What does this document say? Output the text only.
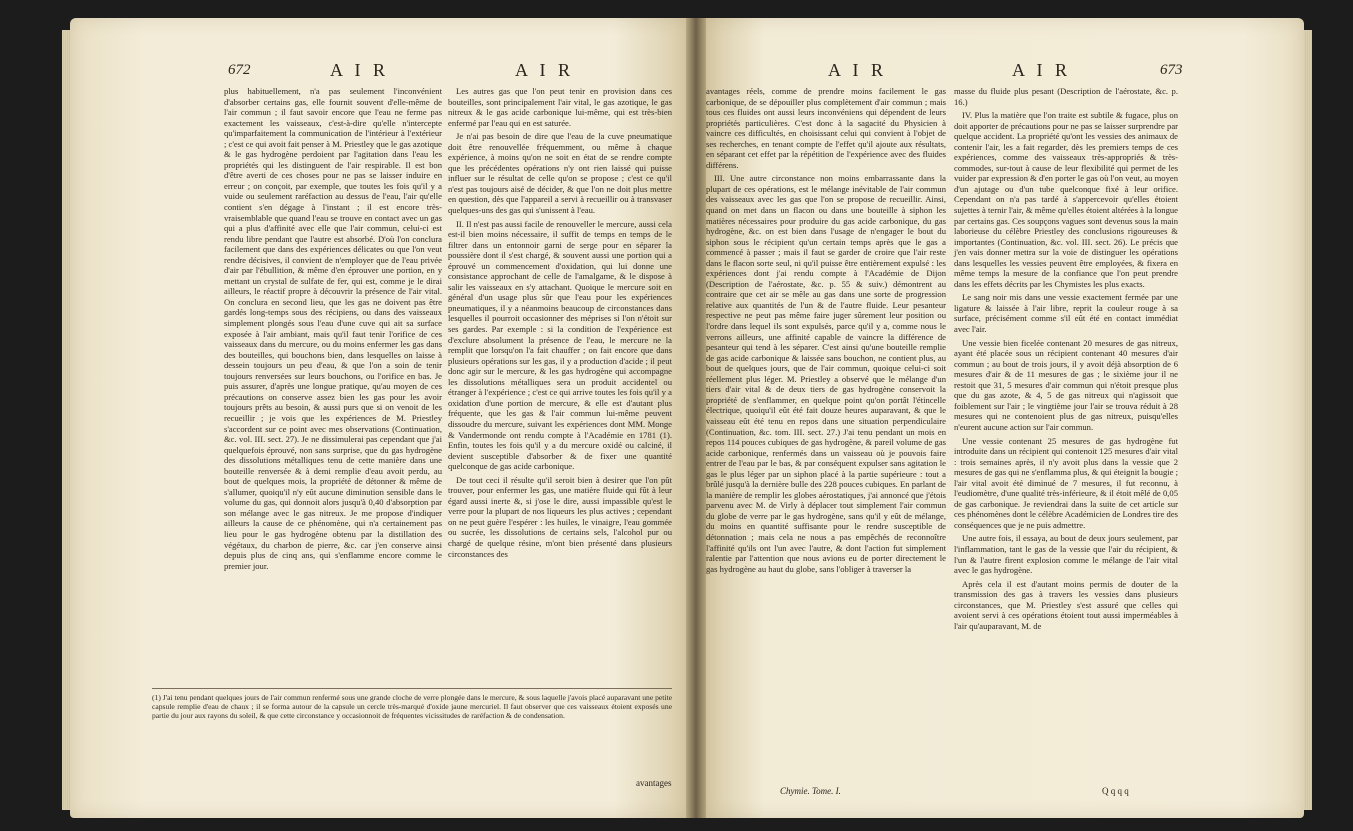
672	A I R	A I R

plus habituellement, n'a pas seulement l'inconvénient d'absorber certains gas, elle fournit souvent d'elle-même de l'air commun ; il faut savoir encore que l'eau ne ferme pas exactement les vaisseaux, c'est-à-dire qu'elle n'intercepte qu'imparfaitement la communication de l'intérieur à l'extérieur ; c'est ce qui avoit fait penser à M. Priestley que le gas azotique & le gas hydrogène perdoient par l'agitation dans l'eau les propriétés qui les distinguent de l'air respirable. Il est bon d'être averti de ces choses pour ne pas se laisser induire en erreur ; on conçoit, par exemple, que toutes les fois qu'il y a vuide ou seulement raréfaction au dessus de l'eau, l'air qu'elle contient s'en dégage à l'instant ; il est encore très-vraisemblable que quand l'eau se trouve en contact avec un gas qui a plus d'affinité avec elle que l'air commun, celui-ci est rendu libre pendant que l'autre est absorbé. D'où l'on conclura facilement que dans des expériences délicates ou que l'on veut rendre décisives, il convient de n'employer que de l'eau privée d'air par l'ébullition, & même d'en éprouver une portion, en y mettant un crystal de sulfate de fer, qui est, comme je le dirai ailleurs, le réactif propre à découvrir la présence de l'air vital. On conclura en second lieu, que les gas ne doivent pas être gardés long-temps sous des récipiens, ou dans des vaisseaux simplement plongés sous l'eau d'une cuve qui ait sa surface exposée à l'air ambiant, mais qu'il faut tenir l'orifice de ces vaisseaux dans du mercure, ou du moins enfermer les gas dans des bouteilles, qui bouchons bien, dans lesquelles on laisse à dessein toujours un peu d'eau, & que l'on a soin de tenir toujours renversées sur leurs bouchons, ou l'orifice en bas. Je puis assurer, d'après une longue pratique, qu'au moyen de ces précautions on conserve assez bien les gas pour les avoir toujours prêts au besoin, & aussi purs que si on venoit de les recueillir ; je vois que les expériences de M. Priestley s'accordent sur ce point avec mes observations (Continuation, &c. vol. III. sect. 27). Je ne dissimulerai pas cependant que j'ai quelquefois éprouvé, non sans surprise, que du gas hydrogène des dissolutions métalliques tenu de cette manière dans une bouteille renversée & à demi remplie d'eau avoit perdu, au bout de quelques mois, la propriété de détonner & même de s'allumer, quoiqu'il n'y eût aucune diminution sensible dans le volume du gas, qui donnoit alors jusqu'à 0,40 d'absorption par son mélange avec le gas nitreux. Je me propose d'indiquer ailleurs la cause de ce phénomène, qui n'a certainement pas lieu pour le gas hydrogène obtenu par la distillation des végétaux, du charbon de pierre, &c. car j'en conserve ainsi depuis plus de cinq ans, qui s'enflamme encore comme le premier jour.

Les autres gas que l'on peut tenir en provision dans ces bouteilles, sont principalement l'air vital, le gas azotique, le gas nitreux & le gas acide carbonique lui-même, qui est très-bien enfermé par l'eau qui en est saturée.

Je n'ai pas besoin de dire que l'eau de la cuve pneumatique doit être renouvellée fréquemment, ou même à chaque expérience, à moins qu'on ne soit en état de se rendre compte que les précédentes opérations n'y ont rien laissé qui puisse influer sur le résultat de celle qu'on se propose ; c'est ce qu'il n'est pas toujours aisé de décider, & que l'on ne doit plus mettre en question, dès que l'appareil a servi à recueillir ou à transvaser quelques-uns des gas qui s'unissent à l'eau.

II. Il n'est pas aussi facile de renouveller le mercure, aussi cela est-il bien moins nécessaire, il suffit de temps en temps de le filtrer dans un entonnoir garni de serge pour en séparer la poussière dont il s'est chargé, & souvent aussi une portion qui a éprouvé un commencement d'oxidation, qui lui donne une consistance approchant de celle de l'amalgame, & le dispose à salir les vaisseaux en s'y attachant. Quoique le mercure soit en général d'un usage plus sûr que l'eau pour les expériences pneumatiques, il y a néanmoins beaucoup de circonstances dans lesquelles il pourroit occasionner des méprises si l'on n'étoit sur ses gardes. Par exemple : si la condition de l'expérience est d'exclure absolument la présence de l'eau, le mercure ne la remplit que lorsqu'on l'a fait chauffer ; on fait encore que dans plusieurs opérations sur les gas, il y a production d'acide ; il peut donc agir sur le mercure, & les gas hydrogène qui accompagne les dissolutions métalliques sera un produit accidentel ou étranger à l'expérience ; c'est ce qui arrive toutes les fois qu'il y a oxidation d'une portion de mercure, & elle est d'autant plus fréquente, que les gas & l'air commun lui-même peuvent dissoudre du mercure, suivant les expériences dont MM. Monge & Vandermonde ont rendu compte à l'Académie en 1781 (1). Enfin, toutes les fois qu'il y a du mercure oxidé ou calciné, il devient susceptible d'absorber & de fixer une quantité quelconque de gas acide carbonique.

De tout ceci il résulte qu'il seroit bien à desirer que l'on pût trouver, pour enfermer les gas, une matière fluide qui fût à leur égard aussi inerte &, si j'ose le dire, aussi impassible qu'est le verre pour la plupart de nos liqueurs les plus actives ; cependant on ne peut guère l'espérer : les huiles, le vinaigre, l'eau gommée ou sucrée, les dissolutions de certains sels, l'alcohol pur ou chargé de quelque résine, m'ont bien présenté dans plusieurs circonstances des

(1) J'ai tenu pendant quelques jours de l'air commun renfermé sous une grande cloche de verre plongée dans le mercure, & sous laquelle j'avois placé auparavant une petite capsule remplie d'eau de chaux ; il se forma autour de la capsule un cercle très-marqué d'oxide jaune mercuriel. Il faut observer que ces vaisseaux étoient exposés une partie du jour aux rayons du soleil, & que cette circonstance y occasionnoit de fréquentes vicissitudes de raréfaction & de condensation.
avantages
A I R	A I R	673

avantages réels, comme de prendre moins facilement le gas carbonique, de se dépouiller plus complètement d'air commun ; mais tous ces fluides ont aussi leurs inconvéniens qui dépendent de leurs propriétés particulières. C'est donc à la sagacité du Physicien à vaincre ces difficultés, en choisissant celui qui convient à l'objet de ses recherches, en tenant compte de l'effet qu'il ajoute aux résultats, en séparant cet effet par la répétition de l'expérience avec des fluides différens.

III. Une autre circonstance non moins embarrassante dans la plupart de ces opérations, est le mélange inévitable de l'air commun des vaisseaux avec les gas que l'on se propose de recueillir. Ainsi, quand on met dans un flacon ou dans une bouteille à siphon les matières nécessaires pour produire du gas acide carbonique, du gas hydrogène, &c. on est bien dans l'usage de n'engager le bout du siphon sous le récipient qu'un certain temps après que le gas a commencé à passer ; mais il faut se garder de croire que l'air reste dans le flacon sorte seul, ni qu'il puisse être entièrement expulsé : les expériences dont j'ai rendu compte à l'Académie de Dijon (Description de l'aérostate, &c. p. 55 & suiv.) démontrent au contraire que cet air se mêle au gas dans une sorte de progression relative aux quantités de l'un & de l'autre fluide. Leur pesanteur respective ne peut pas même faire juger sûrement leur position ou l'ordre dans lequel ils sont expulsés, parce qu'il y a, comme nous le verrons ailleurs, une affinité capable de vaincre la différence de pesanteur qui tend à les séparer. C'est ainsi qu'une bouteille remplie de gas acide carbonique & laissée sans bouchon, ne contient plus, au bout de quelques jours, que de l'air commun, quoique celui-ci soit réellement plus léger. M. Priestley a observé que le mélange d'un tiers d'air vital & de deux tiers de gas hydrogène conservoit la propriété de s'enflammer, en quelque point qu'on portât l'étincelle électrique, quoiqu'il eût été fait douze heures auparavant, & que le vaisseau eût été tenu en repos dans une situation perpendiculaire (Continuation, &c. tom. III. sect. 27.) J'ai tenu pendant un mois en repos 114 pouces cubiques de gas hydrogène, & pareil volume de gas acide carbonique, renfermés dans un vaisseau où je pouvois faire entrer de l'eau par le bas, & par conséquent expulser sans agitation le gas le plus léger par un siphon placé à la partie supérieure : tout a brûlé jusqu'à la dernière bulle des 228 pouces cubiques. En parlant de la manière de remplir les globes aérostatiques, j'ai annoncé que j'étois parvenu avec M. de Virly à déplacer tout simplement l'air commun du globe de verre par le gas hydrogène, sans qu'il y eût de mélange, du moins en quantité suffisante pour le rendre susceptible de détonnation ; mais cela ne nous a pas empêchés de reconnoître l'affinité qu'ils ont l'un avec l'autre, & dont l'action fut simplement ralentie par l'attention que nous avions eu de porter directement le gas hydrogène au haut du globe, sans l'obliger à traverser la

masse du fluide plus pesant (Description de l'aérostate, &c. p. 16.)

IV. Plus la matière que l'on traite est subtile & fugace, plus on doit apporter de précautions pour ne pas se laisser surprendre par quelque accident. La propriété qu'ont les vessies des animaux de contenir l'air, les a fait regarder, dès les premiers temps de ces expériences, comme des vaisseaux très-appropriés & très-commodes, sur-tout à cause de leur flexibilité qui permet de les vuider par expression & d'en porter le gas où l'on veut, au moyen d'un ajutage ou d'un tube quelconque fixé à leur orifice. Cependant on n'a pas tardé à s'appercevoir qu'elles étoient sujettes à ternir l'air, & même qu'elles étoient altérées à la longue par certains gas. Ces soupçons vagues sont devenus sous la main laborieuse du célèbre Priestley des conclusions rigoureuses & importantes (Continuation, &c. vol. III. sect. 26). Le précis que j'en vais donner mettra sur la voie de distinguer les opérations dans lesquelles les vessies peuvent être employées, & fixera en même temps la mesure de la confiance que l'on peut prendre dans les effets décrits par les Chymistes les plus exacts.

Le sang noir mis dans une vessie exactement fermée par une ligature & laissée à l'air libre, reprit la couleur rouge à sa surface, précisément comme s'il eût été en contact immédiat avec l'air.

Une vessie bien ficelée contenant 20 mesures de gas nitreux, ayant été placée sous un récipient contenant 40 mesures d'air commun ; au bout de trois jours, il y avoit déjà absorption de 6 mesures d'air & de 11 mesures de gas ; le sixième jour il ne restoit que 31, 5 mesures d'air commun qui n'étoit presque plus que du gas azote, & 4, 5 de gas nitreux qui n'agissoit que foiblement sur l'air ; le vingtième jour l'air se trouva réduit à 28 mesures qui ne contenoient plus de gas nitreux, puisqu'elles n'eurent aucune action sur l'air commun.

Une vessie contenant 25 mesures de gas hydrogène fut introduite dans un récipient qui contenoit 125 mesures d'air vital : trois semaines après, il n'y avoit plus dans la vessie que 2 mesures de gas qui ne s'enflamma plus, & qui éteignit la bougie ; l'air vital avoit été diminué de 7 mesures, il fut reconnu, à l'eudiomètre, d'une qualité très-inférieure, & il étoit mêlé de 0,05 de gas carbonique. Je reviendrai dans la suite de cet article sur ces phénomènes dont le célèbre Académicien de Londres tire des conséquences que je ne puis admettre.

Une autre fois, il essaya, au bout de deux jours seulement, par l'inflammation, tant le gas de la vessie que l'air du récipient, & l'un & l'autre firent explosion comme le mélange de l'air vital avec le gas hydrogène.

Après cela il est d'autant moins permis de douter de la transmission des gas à travers les vessies dans plusieurs circonstances, que M. Priestley s'est assuré que celles qui avoient servi à ces opérations étoient tout aussi imperméables à l'air qu'auparavant, M. de

Chymie. Tome. I.	Q q q q
